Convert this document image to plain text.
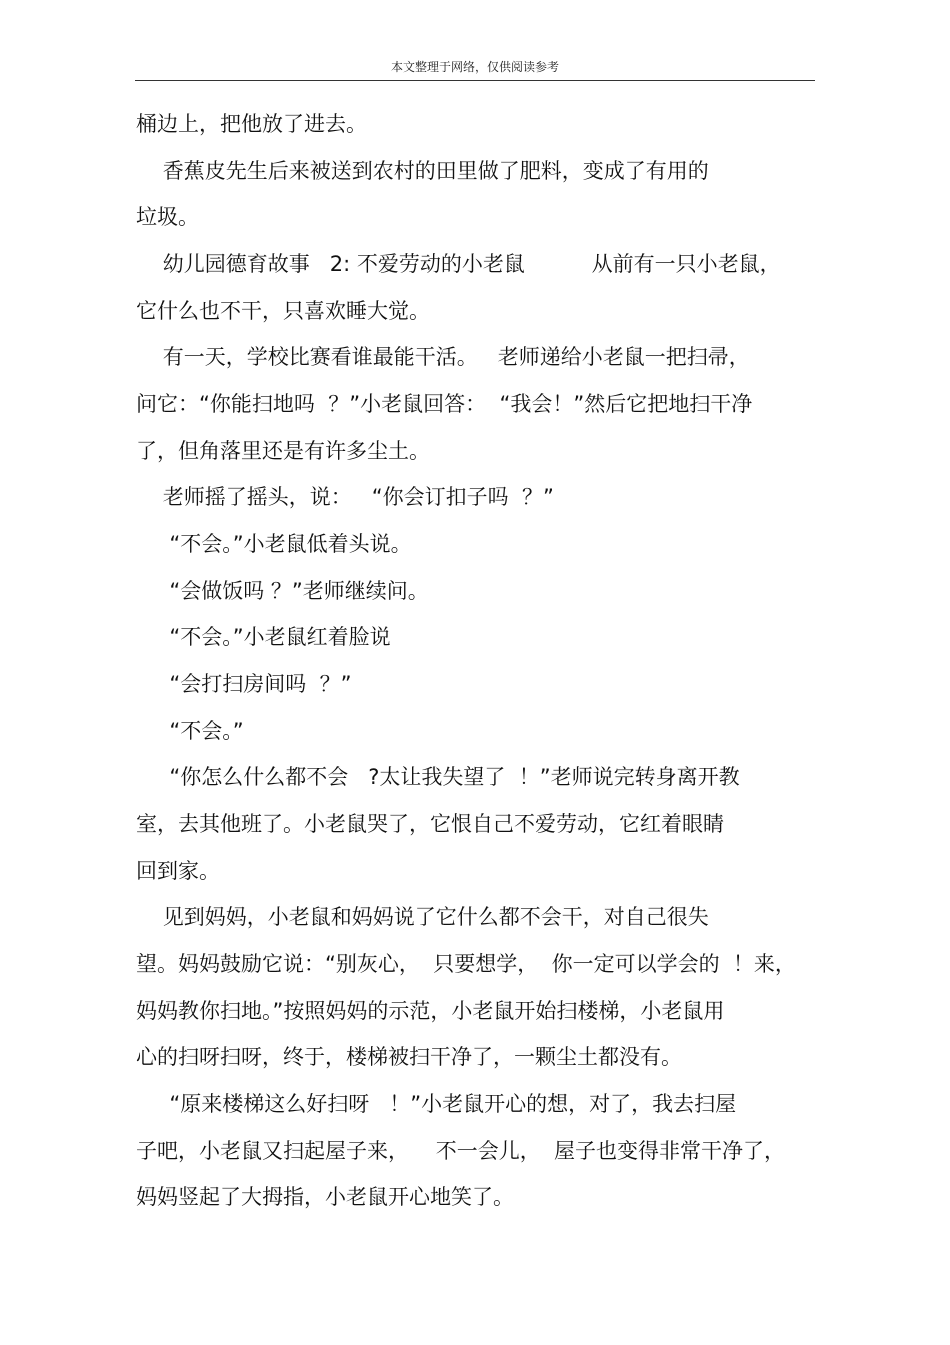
本文整理于网络，仅供阅读参考
桶边上，把他放了进去。
香蕉皮先生后来被送到农村的田里做了肥料，变成了有用的
垃圾。
幼儿园德育故事   2: 不爱劳动的小老鼠          从前有一只小老鼠，
它什么也不干，只喜欢睡大觉。
有一天，学校比赛看谁最能干活。   老师递给小老鼠一把扫帚，
问它：“你能扫地吗  ？”小老鼠回答：  “我会！”然后它把地扫干净
了，但角落里还是有许多尘土。
老师摇了摇头，说：   “你会订扣子吗  ？”
“不会。”小老鼠低着头说。
“会做饭吗 ？”老师继续问。
“不会。”小老鼠红着脸说
“会打扫房间吗  ？”
“不会。”
“你怎么什么都不会   ?太让我失望了  ！”老师说完转身离开教
室，去其他班了。小老鼠哭了，它恨自己不爱劳动，它红着眼睛
回到家。
见到妈妈，小老鼠和妈妈说了它什么都不会干，对自己很失
望。妈妈鼓励它说：“别灰心，  只要想学，  你一定可以学会的  ！来，
妈妈教你扫地。”按照妈妈的示范，小老鼠开始扫楼梯，小老鼠用
心的扫呀扫呀，终于，楼梯被扫干净了，一颗尘土都没有。
“原来楼梯这么好扫呀   ！”小老鼠开心的想，对了，我去扫屋
子吧，小老鼠又扫起屋子来，    不一会儿，  屋子也变得非常干净了，
妈妈竖起了大拇指，小老鼠开心地笑了。
